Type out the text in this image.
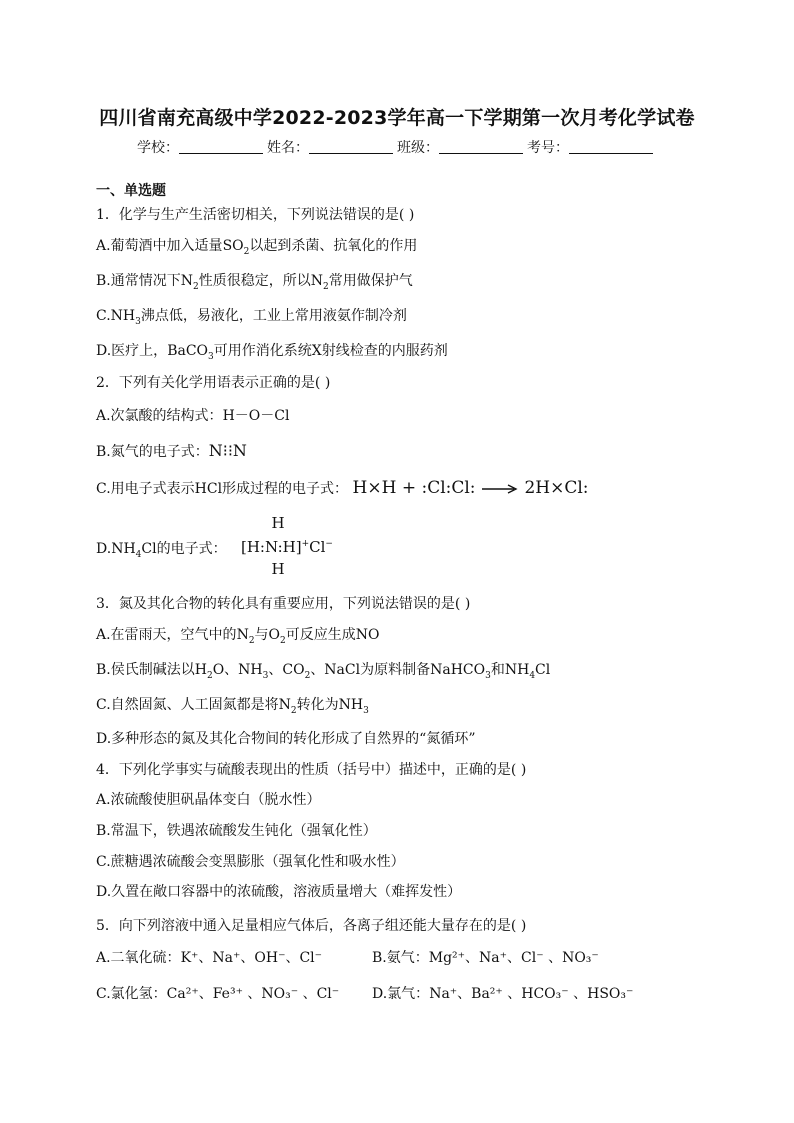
四川省南充高级中学2022-2023学年高一下学期第一次月考化学试卷
学校：	姓名：	班级：	考号：
一、单选题
1．化学与生产生活密切相关，下列说法错误的是( )
A.葡萄酒中加入适量$SO_2$以起到杀菌、抗氧化的作用
B.通常情况下$N_2$性质很稳定，所以$N_2$常用做保护气
$C.NH_3$沸点低，易液化，工业上常用液氨作制冷剂
D.医疗上，BaCO$_3$可用作消化系统X射线检查的内服药剂
2．下列有关化学用语表示正确的是( )
A.次氯酸的结构式：H－O－Cl
B.氮气的电子式：N⁝⁝N
C.用电子式表示HCl形成过程的电子式： H×H + :Cl:Cl: → 2H×Cl:
$D.NH_4Cl$的电子式：
H
[H:N:H]+Cl−
H
3．氮及其化合物的转化具有重要应用，下列说法错误的是( )
A.在雷雨天，空气中的$N_2$与$O_2$可反应生成NO
B.侯氏制碱法以$H_2O$、$NH_3$、$CO_2$、NaCl为原料制备NaHCO$_3$和$NH_4Cl$
C.自然固氮、人工固氮都是将$N_2$转化为$NH_3$
D.多种形态的氮及其化合物间的转化形成了自然界的“氮循环”
4．下列化学事实与硫酸表现出的性质（括号中）描述中，正确的是( )
A.浓硫酸使胆矾晶体变白（脱水性）
B.常温下，铁遇浓硫酸发生钝化（强氧化性）
C.蔗糖遇浓硫酸会变黑膨胀（强氧化性和吸水性）
D.久置在敞口容器中的浓硫酸，溶液质量增大（难挥发性）
5．向下列溶液中通入足量相应气体后，各离子组还能大量存在的是( )
A.二氧化硫：K⁺、Na⁺、OH⁻、Cl⁻	B.氨气：Mg²⁺、Na⁺、Cl⁻ 、NO₃⁻
C.氯化氢：Ca²⁺、Fe³⁺ 、NO₃⁻ 、Cl⁻ D.氯气：Na⁺、Ba²⁺ 、HCO₃⁻ 、HSO₃⁻
